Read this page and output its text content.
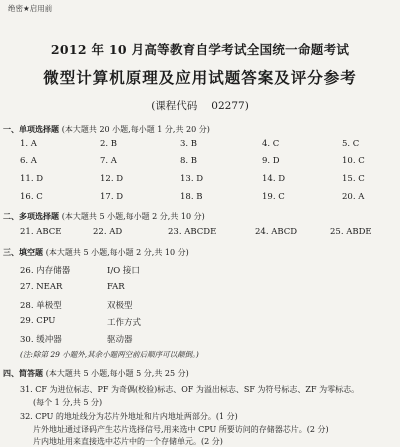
绝密★启用前
2012 年 10 月高等教育自学考试全国统一命题考试
微型计算机原理及应用试题答案及评分参考
(课程代码 02277)
一、单项选择题 (本大题共 20 小题,每小题 1 分,共 20 分)
1. A	2. B	3. B	4. C	5. C
6. A	7. A	8. B	9. D	10. C
11. D	12. D	13. D	14. D	15. C
16. C	17. D	18. B	19. C	20. A
二、多项选择题 (本大题共 5 小题,每小题 2 分,共 10 分)
21. ABCE	22. AD	23. ABCDE	24. ABCD	25. ABDE
三、填空题 (本大题共 5 小题,每小题 2 分,共 10 分)
26. 内存储器	I/O 接口
27. NEAR	FAR
28. 单极型	双极型
29. CPU	工作方式
30. 缓冲器	驱动器
(注:除第 29 小题外,其余小题两空前后顺序可以颠倒。)
四、简答题 (本大题共 5 小题,每小题 5 分,共 25 分)
31. CF 为进位标志、PF 为奇偶(校验)标志、OF 为溢出标志、SF 为符号标志、ZF 为零标志。
(每个 1 分,共 5 分)
32. CPU 的地址线分为芯片外地址和片内地址两部分。(1 分)
片外地址通过译码产生芯片选择信号,用来选中 CPU 所要访问的存储器芯片。(2 分)
片内地址用来直接选中芯片中的一个存储单元。(2 分)
